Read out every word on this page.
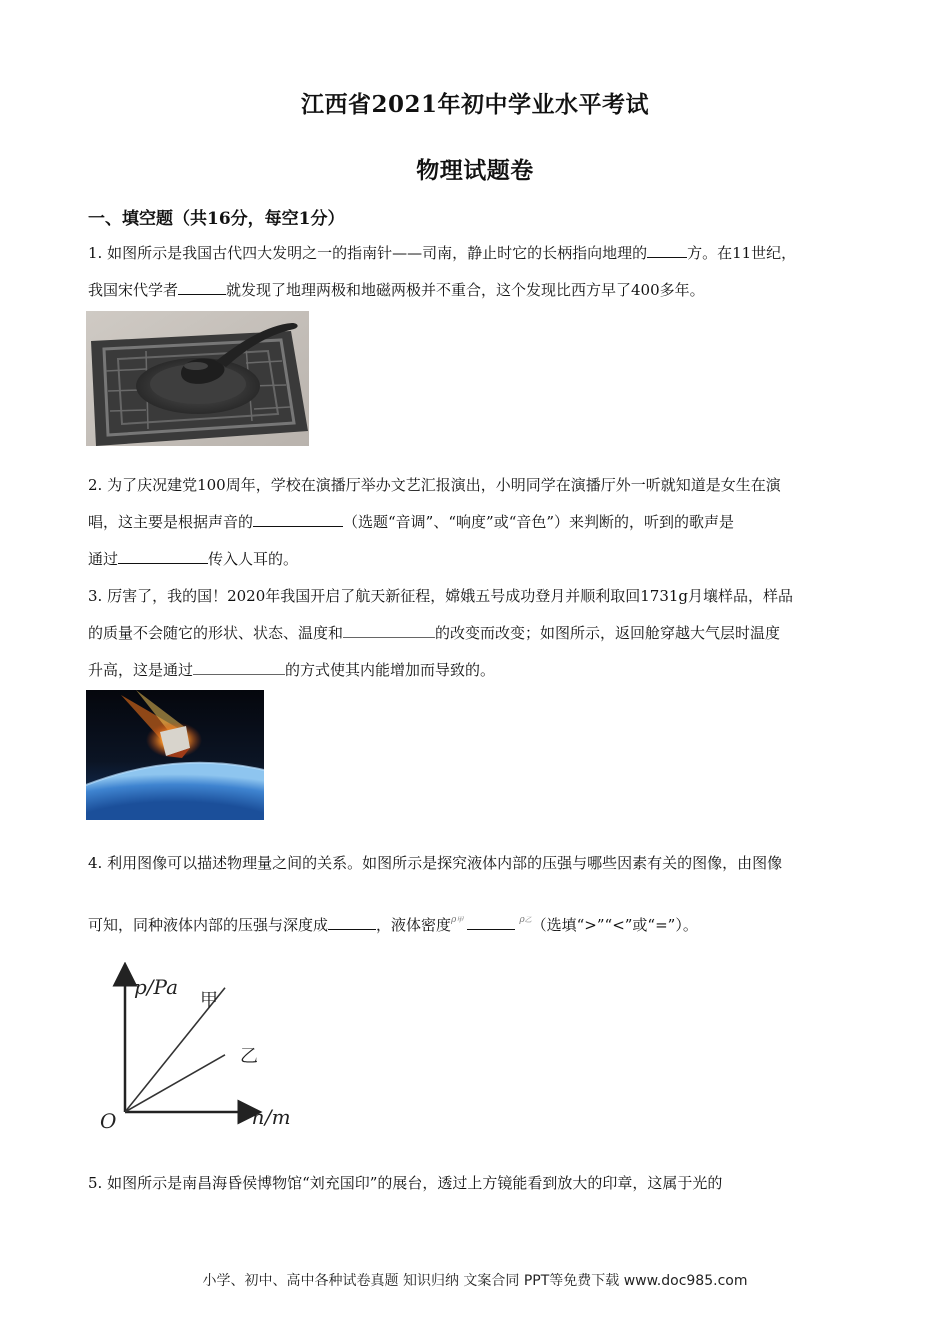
江西省2021年初中学业水平考试
物理试题卷
一、填空题（共16分，每空1分）
1. 如图所示是我国古代四大发明之一的指南针——司南，静止时它的长柄指向地理的	方。在11世纪，
我国宋代学者	就发现了地理两极和地磁两极并不重合，这个发现比西方早了400多年。
2. 为了庆况建党100周年，学校在演播厅举办文艺汇报演出，小明同学在演播厅外一听就知道是女生在演
唱，这主要是根据声音的	（选题“音调”、“响度”或“音色”）来判断的，听到的歌声是
通过	传入人耳的。
3. 厉害了，我的国！2020年我国开启了航天新征程，嫦娥五号成功登月并顺利取回1731g月壤样品，样品
的质量不会随它的形状、状态、温度和	的改变而改变；如图所示，返回舱穿越大气层时温度
升高，这是通过	的方式使其内能增加而导致的。
4. 利用图像可以描述物理量之间的关系。如图所示是探究液体内部的压强与哪些因素有关的图像，由图像
可知，同种液体内部的压强与深度成	，液体密度$^{\rho 甲}$	$^{\rho 乙}$（选填“>”“<”或“=”）。
p/Pa
h/m
O
甲
乙
5. 如图所示是南昌海昏侯博物馆“刘充国印”的展台，透过上方镜能看到放大的印章，这属于光的
小学、初中、高中各种试卷真题 知识归纳 文案合同 PPT等免费下载 www.doc985.com
